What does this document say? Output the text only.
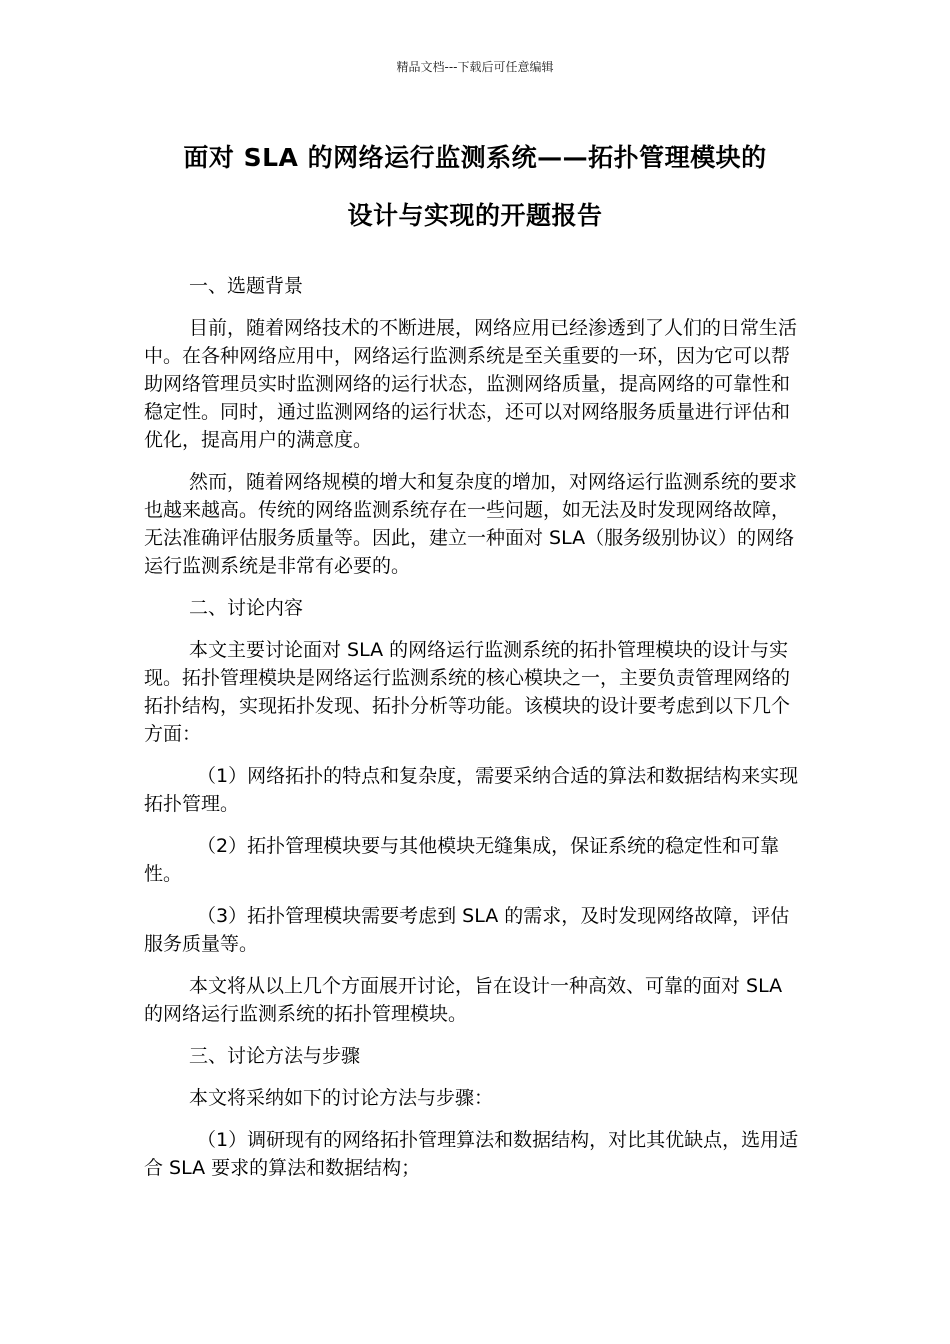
精品文档---下载后可任意编辑
面对 SLA 的网络运行监测系统——拓扑管理模块的
设计与实现的开题报告

一、选题背景

目前，随着网络技术的不断进展，网络应用已经渗透到了人们的日常生活中。在各种网络应用中，网络运行监测系统是至关重要的一环，因为它可以帮助网络管理员实时监测网络的运行状态，监测网络质量，提高网络的可靠性和稳定性。同时，通过监测网络的运行状态，还可以对网络服务质量进行评估和优化，提高用户的满意度。

然而，随着网络规模的增大和复杂度的增加，对网络运行监测系统的要求也越来越高。传统的网络监测系统存在一些问题，如无法及时发现网络故障，无法准确评估服务质量等。因此，建立一种面对 SLA（服务级别协议）的网络运行监测系统是非常有必要的。

二、讨论内容

本文主要讨论面对 SLA 的网络运行监测系统的拓扑管理模块的设计与实现。拓扑管理模块是网络运行监测系统的核心模块之一，主要负责管理网络的拓扑结构，实现拓扑发现、拓扑分析等功能。该模块的设计要考虑到以下几个方面：

（1）网络拓扑的特点和复杂度，需要采纳合适的算法和数据结构来实现拓扑管理。

（2）拓扑管理模块要与其他模块无缝集成，保证系统的稳定性和可靠性。

（3）拓扑管理模块需要考虑到 SLA 的需求，及时发现网络故障，评估服务质量等。

本文将从以上几个方面展开讨论，旨在设计一种高效、可靠的面对 SLA 的网络运行监测系统的拓扑管理模块。

三、讨论方法与步骤

本文将采纳如下的讨论方法与步骤：

（1）调研现有的网络拓扑管理算法和数据结构，对比其优缺点，选用适合 SLA 要求的算法和数据结构；
